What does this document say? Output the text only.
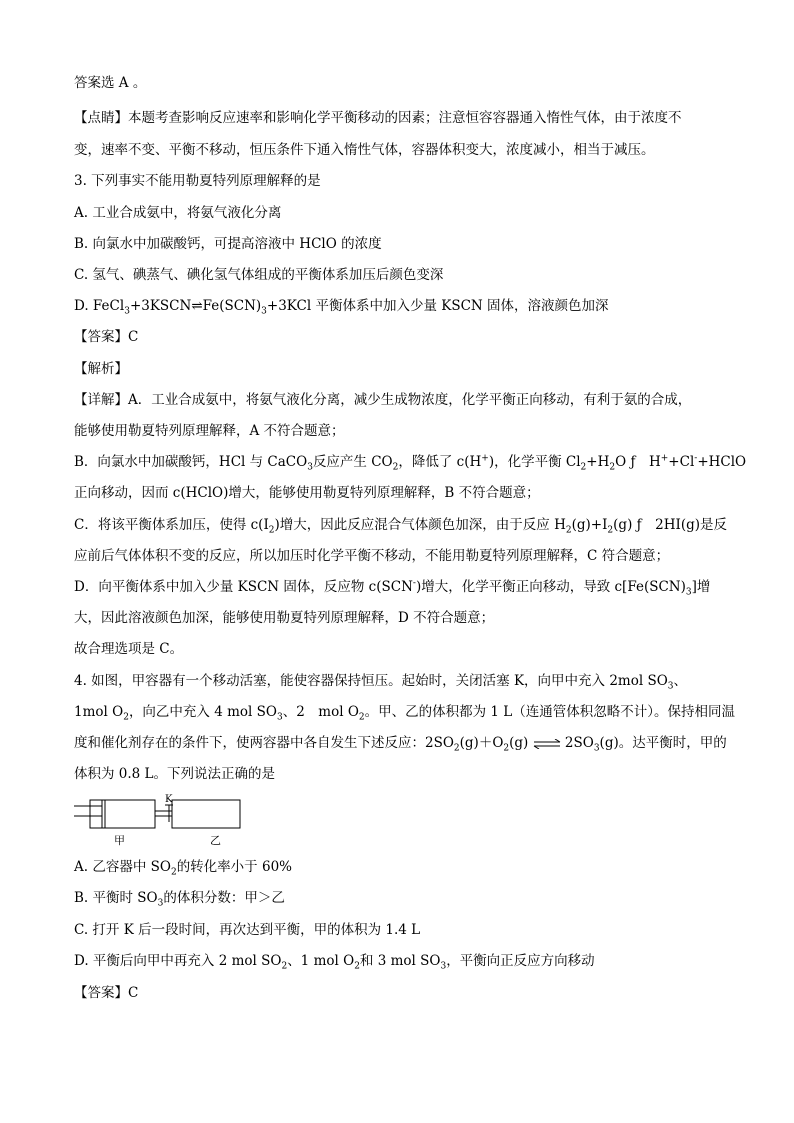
答案选 A 。
【点睛】本题考查影响反应速率和影响化学平衡移动的因素；注意恒容容器通入惰性气体，由于浓度不
变，速率不变、平衡不移动，恒压条件下通入惰性气体，容器体积变大，浓度减小，相当于减压。
3. 下列事实不能用勒夏特列原理解释的是
A. 工业合成氨中，将氨气液化分离
B. 向氯水中加碳酸钙，可提高溶液中 HClO 的浓度
C. 氢气、碘蒸气、碘化氢气体组成的平衡体系加压后颜色变深
D. $FeCl_3+3KSCN\rightleftharpoons Fe(SCN)_3+3KCl$ 平衡体系中加入少量 KSCN 固体，溶液颜色加深
【答案】C
【解析】
【详解】A．工业合成氨中，将氨气液化分离，减少生成物浓度，化学平衡正向移动，有利于氨的合成，
能够使用勒夏特列原理解释，A 不符合题意；
B．向氯水中加碳酸钙，HCl 与 CaCO$_3$反应产生 $CO_2$，降低了 c(H+)，化学平衡 $Cl_2+H_2O$ ƒ　H++Cl-+HClO
正向移动，因而 c(HClO)增大，能够使用勒夏特列原理解释，B 不符合题意；
C．将该平衡体系加压，使得 $c(I_2)$增大，因此反应混合气体颜色加深，由于反应 $H_2(g)+I_2(g)$ ƒ　2HI(g)是反
应前后气体体积不变的反应，所以加压时化学平衡不移动，不能用勒夏特列原理解释，C 符合题意；
D．向平衡体系中加入少量 KSCN 固体，反应物 c(SCN-)增大，化学平衡正向移动，导致 $c[Fe(SCN)_3]$增
大，因此溶液颜色加深，能够使用勒夏特列原理解释，D 不符合题意；
故合理选项是 C。
4. 如图，甲容器有一个移动活塞，能使容器保持恒压。起始时，关闭活塞 K，向甲中充入 2mol $SO_3$、
1mol $O_2$，向乙中充入 4 mol $SO_3$、2　mol $O_2$。甲、乙的体积都为 1 L（连通管体积忽略不计）。保持相同温
度和催化剂存在的条件下，使两容器中各自发生下述反应：$2SO_2(g)+O_2(g)$ ⇌ $2SO_3(g)$。达平衡时，甲的
体积为 0.8 L。下列说法正确的是
K
甲	乙
A. 乙容器中 $SO_2$的转化率小于 60%
B. 平衡时 $SO_3$的体积分数：甲＞乙
C. 打开 K 后一段时间，再次达到平衡，甲的体积为 1.4 L
D. 平衡后向甲中再充入 2 mol $SO_2$、1 mol $O_2$和 3 mol $SO_3$，平衡向正反应方向移动
【答案】C
